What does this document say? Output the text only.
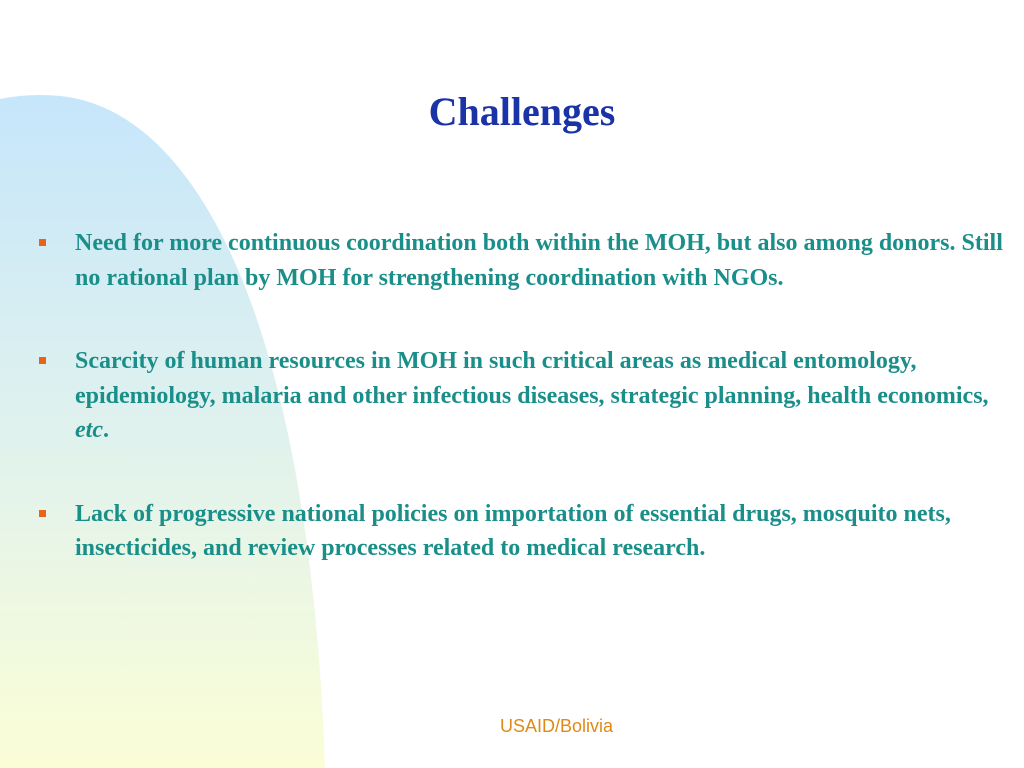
Challenges
Need for more continuous coordination both within the MOH, but also among donors. Still no rational plan by MOH for strengthening coordination with NGOs.
Scarcity of human resources in MOH in such critical areas as medical entomology, epidemiology, malaria and other infectious diseases, strategic planning, health economics, etc.
Lack of progressive national policies on importation of essential drugs, mosquito nets, insecticides, and review processes related to medical research.
USAID/Bolivia
